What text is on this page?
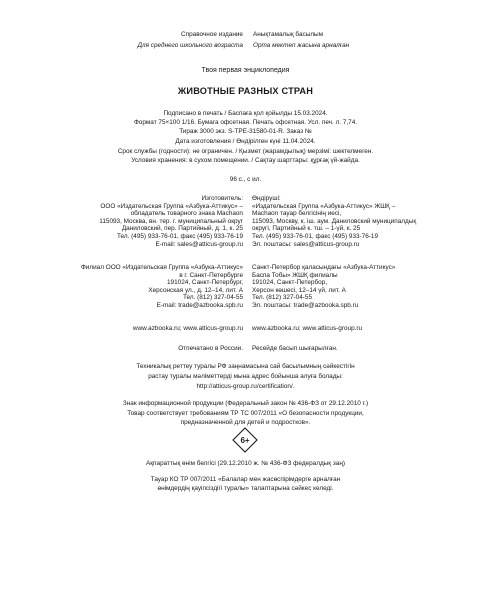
Справочное издание Анықтамалық басылым
Для среднего школьного возраста Орта мектеп жасына арналған
Твоя первая энциклопедия
ЖИВОТНЫЕ РАЗНЫХ СТРАН
Подписано в печать / Баспаға қол қойылды 15.03.2024.
Формат 75×100 1/16. Бумага офсетная. Печать офсетная. Усл. печ. л. 7,74.
Тираж 3000 экз. S-TPE-31580-01-R. Заказ №
Дата изготовления / Өндірілген күні 11.04.2024.
Срок службы (годности): не ограничен. / Қызмет (жарамдылық) мерзімі: шектелмеген.
Условия хранения: в сухом помещении. / Сақтау шарттары: құрғақ үй-жайда.
96 с., с ил.
Изготовитель:
ООО «Издательская Группа «Азбука-Аттикус» –
обладатель товарного знака Machaon
115093, Москва, вн. тер. г. муниципальный округ
Даниловский, пер. Партийный, д. 1, к. 25
Тел. (495) 933-76-01, факс (495) 933-76-19
E-mail: sales@atticus-group.ru
Өндіруші:
«Издательская Группа «Азбука-Аттикус» ЖШҚ –
Machaon тауар белгісінің иесі,
115093, Москву, к. іш. аум. Даниловский муниципалдық
округі, Партийный к. тш. – 1-үй, к. 25
Тел. (495) 933-76-01, факс (495) 933-76-19
Эл. поштасы: sales@atticus-group.ru
Филиал ООО «Издательская Группа «Азбука-Аттикус»
в г. Санкт-Петербурге
191024, Санкт-Петербург,
Херсонская ул., д. 12–14, лит. А
Тел. (812) 327-04-55
E-mail: trade@azbooka.spb.ru
Санкт-Петербор қаласындағы «Азбука-Аттикус»
Баспа Тобы» ЖШҚ филиалы
191024, Санкт-Петербор,
Херсон көшесі, 12–14 үй, лит. А
Тел. (812) 327-04-55
Эл. поштасы: trade@azbooka.spb.ru
www.azbooka.ru; www.atticus-group.ru www.azbooka.ru; www.atticus-group.ru
Отпечатано в России. Ресейде басып шығарылған.
Техникалық реттеу туралы РФ заңнамасына сай басылымның сәйкестігін
растау туралы мәліметтерді мына адрес бойынша алуға болады:
http://atticus-group.ru/certification/.
Знак информационной продукции (Федеральный закон № 436-ФЗ от 29.12.2010 г.)
Товар соответствует требованиям ТР ТС 007/2011 «О безопасности продукции,
предназначенной для детей и подростков».
6+
Ақпараттық өнім белгісі (29.12.2010 ж. № 436-ФЗ федералдық заң)
Тауар КО ТР 007/2011 «Балалар мен жасөспірімдерге арналған
өнімдердің қауіпсіздігі туралы» талаптарына сәйкес келеді.
